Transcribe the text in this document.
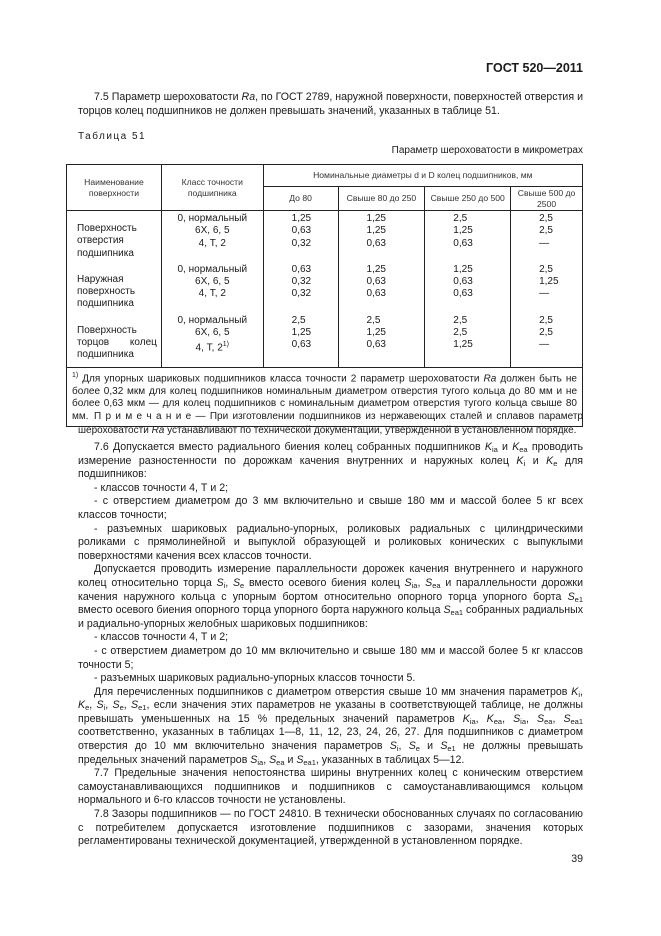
ГОСТ 520—2011
7.5 Параметр шероховатости Ra, по ГОСТ 2789, наружной поверхности, поверхностей отверстия и торцов колец подшипников не должен превышать значений, указанных в таблице 51.
Таблица 51
Параметр шероховатости в микрометрах
Наименование поверхности	Класс точности подшипника	Номинальные диаметры d и D колец подшипников, мм			
		До 80	Свыше 80 до 250	Свыше 250 до 500	Свыше 500 до 2500
Поверхность отверстия подшипника	0, нормальный	1,25	1,25	2,5	2,5
	6Х, 6, 5	0,63	1,25	1,25	2,5
	4, Т, 2	0,32	0,63	0,63	—
Наружная поверхность подшипника	0, нормальный	0,63	1,25	1,25	2,5
	6Х, 6, 5	0,32	0,63	0,63	1,25
	4, Т, 2	0,32	0,63	0,63	—
Поверхность торцов колец подшипника	0, нормальный	2,5	2,5	2,5	2,5
	6Х, 6, 5	1,25	1,25	2,5	2,5
	4, Т, 2$^{1)}$	0,63	0,63	1,25	—
$^{1)}$ Для упорных шариковых подшипников класса точности 2 параметр шероховатости Ra должен быть не более 0,32 мкм для колец подшипников номинальным диаметром отверстия тугого кольца до 80 мм и не более 0,63 мкм — для колец подшипников с номинальным диаметром отверстия тугого кольца свыше 80 мм.					П р и м е ч а н и е — При изготовлении подшипников из нержавеющих сталей и сплавов параметр шероховатости Ra устанавливают по технической документации, утвержденной в установленном порядке.
7.6 Допускается вместо радиального биения колец собранных подшипников $K_{ia}$ и $K_{ea}$ проводить измерение разностенности по дорожкам качения внутренних и наружных колец $K_i$ и $K_e$ для подшипников:
- классов точности 4, Т и 2;
- с отверстием диаметром до 3 мм включительно и свыше 180 мм и массой более 5 кг всех классов точности;
- разъемных шариковых радиально-упорных, роликовых радиальных с цилиндрическими роликами с прямолинейной и выпуклой образующей и роликовых конических с выпуклыми поверхностями качения всех классов точности.
Допускается проводить измерение параллельности дорожек качения внутреннего и наружного колец относительно торца $S_i$, $S_e$ вместо осевого биения колец $S_{ia}$, $S_{ea}$ и параллельности дорожки качения наружного кольца с упорным бортом относительно опорного торца упорного борта $S_{e1}$ вместо осевого биения опорного торца упорного борта наружного кольца $S_{ea1}$ собранных радиальных и радиально-упорных желобных шариковых подшипников:
- классов точности 4, Т и 2;
- с отверстием диаметром до 10 мм включительно и свыше 180 мм и массой более 5 кг классов точности 5;
- разъемных шариковых радиально-упорных классов точности 5.
Для перечисленных подшипников с диаметром отверстия свыше 10 мм значения параметров $K_i$, $K_e$, $S_i$, $S_e$, $S_{e1}$, если значения этих параметров не указаны в соответствующей таблице, не должны превышать уменьшенных на 15 % предельных значений параметров $K_{ia}$, $K_{ea}$, $S_{ia}$, $S_{ea}$, $S_{ea1}$ соответственно, указанных в таблицах 1—8, 11, 12, 23, 24, 26, 27. Для подшипников с диаметром отверстия до 10 мм включительно значения параметров $S_i$, $S_e$ и $S_{e1}$ не должны превышать предельных значений параметров $S_{ia}$, $S_{ea}$ и $S_{ea1}$, указанных в таблицах 5—12.
7.7 Предельные значения непостоянства ширины внутренних колец с коническим отверстием самоустанавливающихся подшипников и подшипников с самоустанавливающимся кольцом нормального и 6-го классов точности не установлены.
7.8 Зазоры подшипников — по ГОСТ 24810. В технически обоснованных случаях по согласованию с потребителем допускается изготовление подшипников с зазорами, значения которых регламентированы технической документацией, утвержденной в установленном порядке.
39
